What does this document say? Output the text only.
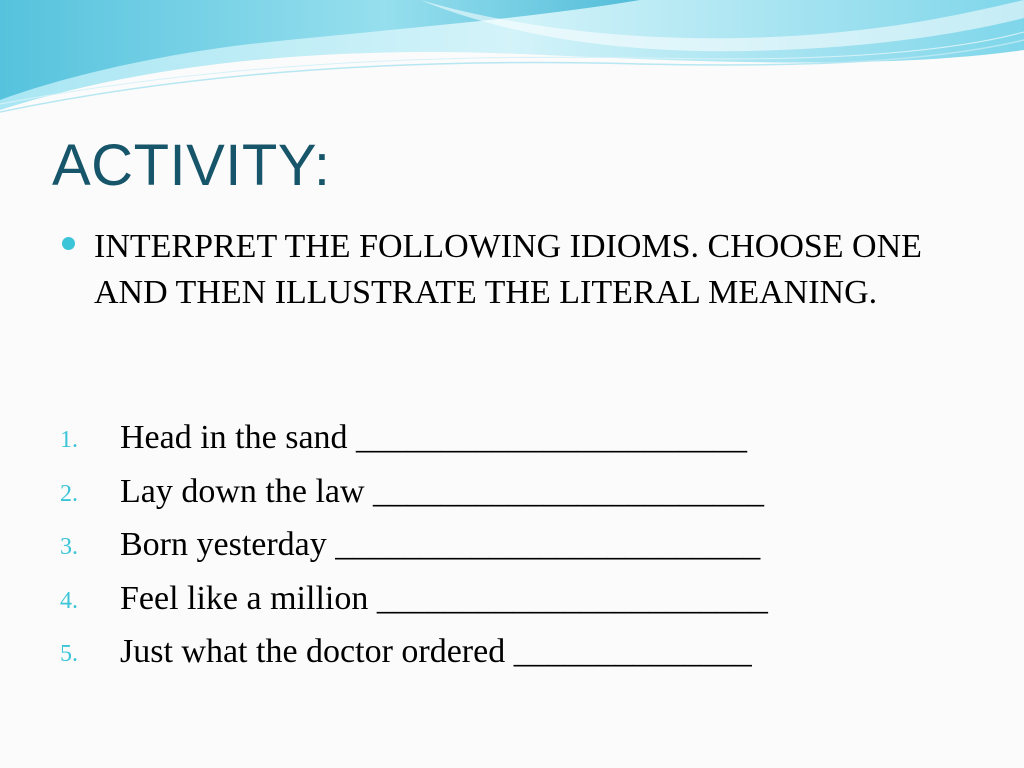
ACTIVITY:
INTERPRET THE FOLLOWING IDIOMS. CHOOSE ONE AND THEN ILLUSTRATE THE LITERAL MEANING.
1. Head in the sand _______________________
2. Lay down the law _______________________
3. Born yesterday _________________________
4. Feel like a million _______________________
5. Just what the doctor ordered ______________
